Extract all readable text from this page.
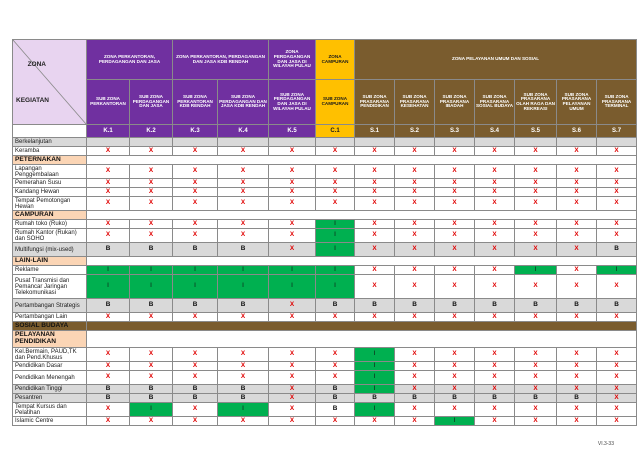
ZONA
KEGIATAN	ZONA PERKANTORAN, PERDAGANGAN DAN JASA		ZONA PERKANTORAN, PERDAGANGAN DAN JASA KDB RENDAH		ZONA PERDAGANGAN DAN JASA DI WILAYAH PULAU	ZONA CAMPURAN	ZONA PELAYANAN UMUM DAN SOSIAL						
	SUB ZONA PERKANTORAN	SUB ZONA PERDAGANGAN DAN JASA	SUB ZONA PERKANTORAN KDB RENDAH	SUB ZONA PERDAGANGAN DAN JASA KDB RENDAH	SUB ZONA PERDAGANGAN DAN JASA DI WILAYAH PULAU	SUB ZONA CAMPURAN	SUB ZONA PRASARANA PENDIDIKAN	SUB ZONA PRASARANA KESEHATAN	SUB ZONA PRASARANA IBADAH	SUB ZONA PRASARANA SOSIAL BUDAYA	SUB ZONA PRASARANA OLAH RAGA DAN REKREASI	SUB ZONA PRASARANA PELAYANAN UMUM	SUB ZONA PRASARANA TERMINAL
	K.1	K.2	K.3	K.4	K.5	C.1	S.1	S.2	S.3	S.4	S.5	S.6	S.7
Berkelanjutan													
Keramba	X	X	X	X	X	X	X	X	X	X	X	X	X
PETERNAKAN													
Lapangan Penggembalaan	X	X	X	X	X	X	X	X	X	X	X	X	X
Pemerahan Susu	X	X	X	X	X	X	X	X	X	X	X	X	X
Kandang Hewan	X	X	X	X	X	X	X	X	X	X	X	X	X
Tempat Pemotongan Hewan	X	X	X	X	X	X	X	X	X	X	X	X	X
CAMPURAN													
Rumah toko (Ruko)	X	X	X	X	X	I	X	X	X	X	X	X	X
Rumah Kantor (Rukan) dan SOHO	X	X	X	X	X	I	X	X	X	X	X	X	X
Multifungsi (mix-used)	B	B	B	B	X	I	X	X	X	X	X	X	B
LAIN-LAIN													
Reklame	I	I	I	I	I	I	X	X	X	X	I	X	I
Pusat Transmisi dan Pemancar Jaringan Telekomunikasi	I	I	I	I	I	I	X	X	X	X	X	X	X
Pertambangan Strategis	B	B	B	B	X	B	B	B	B	B	B	B	B
Pertambangan Lain	X	X	X	X	X	X	X	X	X	X	X	X	X
SOSIAL BUDAYA													
PELAYANAN PENDIDIKAN													
Kel.Bermain, PAUD,TK dan Pend.Khusus	X	X	X	X	X	X	I	X	X	X	X	X	X
Pendidikan Dasar	X	X	X	X	X	X	I	X	X	X	X	X	X
Pendidikan Menengah	X	X	X	X	X	X	I	X	X	X	X	X	X
Pendidikan Tinggi	B	B	B	B	X	B	I	X	X	X	X	X	X
Pesantren	B	B	B	B	X	B	B	B	B	B	B	B	X
Tempat Kursus dan Pelatihan	X	I	X	I	X	B	I	X	X	X	X	X	X
Islamic Centre	X	X	X	X	X	X	X	X	I	X	X	X	X
VI.3-33
